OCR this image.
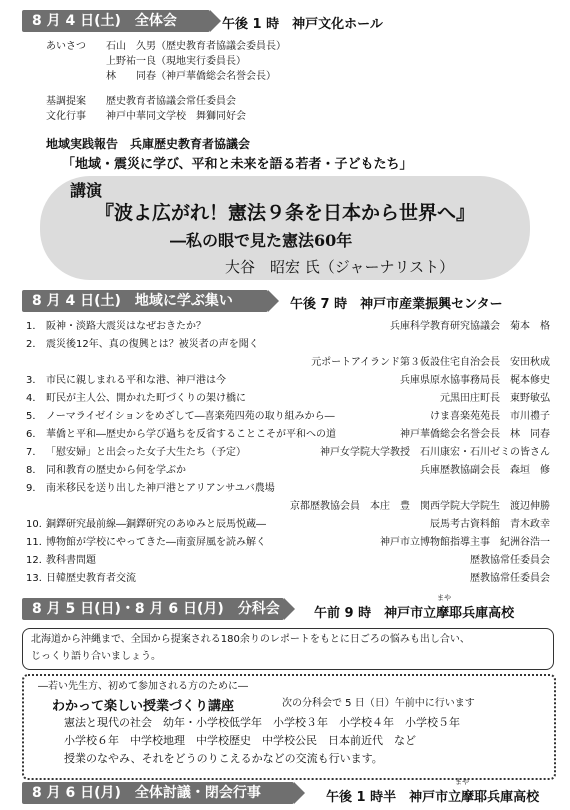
8 月 4 日(土)　全体会	午後 1 時　神戸文化ホール
あいさつ 石山　久男（歴史教育者協議会委員長）
上野祐一良（現地実行委員長）
林　　同春（神戸華僑総会名誉会長）
基調提案 歴史教育者協議会常任委員会
文化行事 神戸中華同文学校　舞獅同好会
地域実践報告　兵庫歴史教育者協議会
「地域・震災に学び、平和と未来を語る若者・子どもたち」
講演
『波よ広がれ！憲法９条を日本から世界へ』
―私の眼で見た憲法60年
大谷　昭宏 氏（ジャーナリスト）
8 月 4 日(土)　地域に学ぶ集い	午後 7 時　神戸市産業振興センター
1． 阪神・淡路大震災はなぜおきたか？	兵庫科学教育研究協議会　菊本　格
2． 震災後12年、真の復興とは？被災者の声を聞く
元ポートアイランド第３仮設住宅自治会長　安田秋成
3． 市民に親しまれる平和な港、神戸港は今	兵庫県原水協事務局長　梶本修史
4． 町民が主人公、開かれた町づくりの架け橋に	元黒田庄町長　東野敏弘
5． ノーマライゼイションをめざして―喜楽苑四苑の取り組みから―	けま喜楽苑苑長　市川禮子
6． 華僑と平和―歴史から学び過ちを反省することこそが平和への道	神戸華僑総会名誉会長　林　同春
7． 「慰安婦」と出会った女子大生たち（予定）	神戸女学院大学教授　石川康宏・石川ゼミの皆さん
8． 同和教育の歴史から何を学ぶか	兵庫歴教協副会長　森垣　修
9． 南米移民を送り出した神戸港とアリアンサユバ農場
京都歴教協会員　本庄　豊　関西学院大学院生　渡辺伸勝
10．銅鐸研究最前線―銅鐸研究のあゆみと辰馬悦蔵―	辰馬考古資料館　青木政幸
11．博物館が学校にやってきた―南蛮屏風を読み解く	神戸市立博物館指導主事　紀洲谷浩一
12．教科書問題	歴教協常任委員会
13．日韓歴史教育者交流	歴教協常任委員会
8 月 5 日(日)・8 月 6 日(月)　分科会	午前 9 時　神戸市立摩耶兵庫高校
まや
北海道から沖縄まで、全国から提案される180余りのレポートをもとに日ごろの悩みも出し合い、
じっくり語り合いましょう。
―若い先生方、初めて参加される方のために―
わかって楽しい授業づくり講座	次の分科会で 5 日（日）午前中に行います
憲法と現代の社会　幼年・小学校低学年　小学校３年　小学校４年　小学校５年
小学校６年　中学校地理　中学校歴史　中学校公民　日本前近代　など
授業のなやみ、それをどうのりこえるかなどの交流も行います。
8 月 6 日(月)　全体討議・閉会行事	午後 1 時半　神戸市立摩耶兵庫高校
まや
